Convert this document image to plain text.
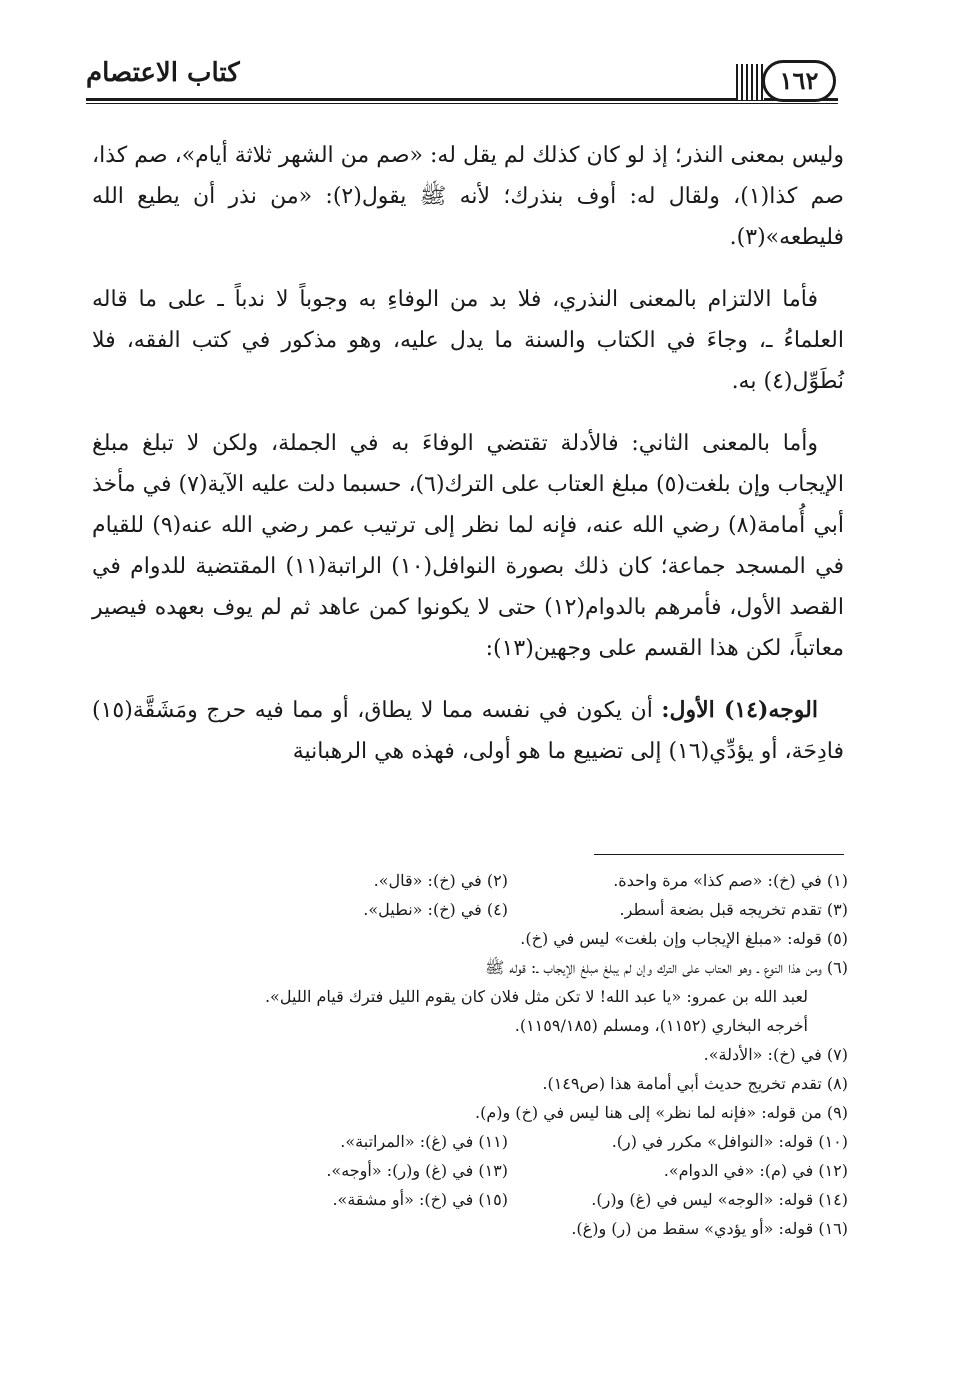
كتاب الاعتصام	١٦٢

وليس بمعنى النذر؛ إذ لو كان كذلك لم يقل له: «صم من الشهر ثلاثة أيام»، صم كذا، صم كذا(١)، ولقال له: أوف بنذرك؛ لأنه ﷺ يقول(٢): «من نذر أن يطيع الله فليطعه»(٣).

فأما الالتزام بالمعنى النذري، فلا بد من الوفاءِ به وجوباً لا ندباً ـ على ما قاله العلماءُ ـ، وجاءَ في الكتاب والسنة ما يدل عليه، وهو مذكور في كتب الفقه، فلا نُطَوِّل(٤) به.

وأما بالمعنى الثاني: فالأدلة تقتضي الوفاءَ به في الجملة، ولكن لا تبلغ مبلغ الإيجاب وإن بلغت(٥) مبلغ العتاب على الترك(٦)، حسبما دلت عليه الآية(٧) في مأخذ أبي أُمامة(٨) رضي الله عنه، فإنه لما نظر إلى ترتيب عمر رضي الله عنه(٩) للقيام في المسجد جماعة؛ كان ذلك بصورة النوافل(١٠) الراتبة(١١) المقتضية للدوام في القصد الأول، فأمرهم بالدوام(١٢) حتى لا يكونوا كمن عاهد ثم لم يوف بعهده فيصير معاتباً، لكن هذا القسم على وجهين(١٣):

الوجه(١٤) الأول: أن يكون في نفسه مما لا يطاق، أو مما فيه حرج ومَشَقَّة(١٥) فادِحَة، أو يؤدِّي(١٦) إلى تضييع ما هو أولى، فهذه هي الرهبانية

(١) في (خ): «صم كذا» مرة واحدة.
(٢) في (خ): «قال».
(٣) تقدم تخريجه قبل بضعة أسطر.
(٤) في (خ): «نطيل».
(٥) قوله: «مبلغ الإيجاب وإن بلغت» ليس في (خ).
(٦) ومن هذا النوع ـ وهو العتاب على الترك وإن لم يبلغ مبلغ الإيجاب ـ: قوله ﷺ
لعبد الله بن عمرو: «يا عبد الله! لا تكن مثل فلان كان يقوم الليل فترك قيام الليل».
أخرجه البخاري (١١٥٢)، ومسلم (١١٥٩/١٨٥).
(٧) في (خ): «الأدلة».
(٨) تقدم تخريج حديث أبي أمامة هذا (ص١٤٩).
(٩) من قوله: «فإنه لما نظر» إلى هنا ليس في (خ) و(م).
(١٠) قوله: «النوافل» مكرر في (ر).
(١١) في (غ): «المراتبة».
(١٢) في (م): «في الدوام».
(١٣) في (غ) و(ر): «أوجه».
(١٤) قوله: «الوجه» ليس في (غ) و(ر).
(١٥) في (خ): «أو مشقة».
(١٦) قوله: «أو يؤدي» سقط من (ر) و(غ).
